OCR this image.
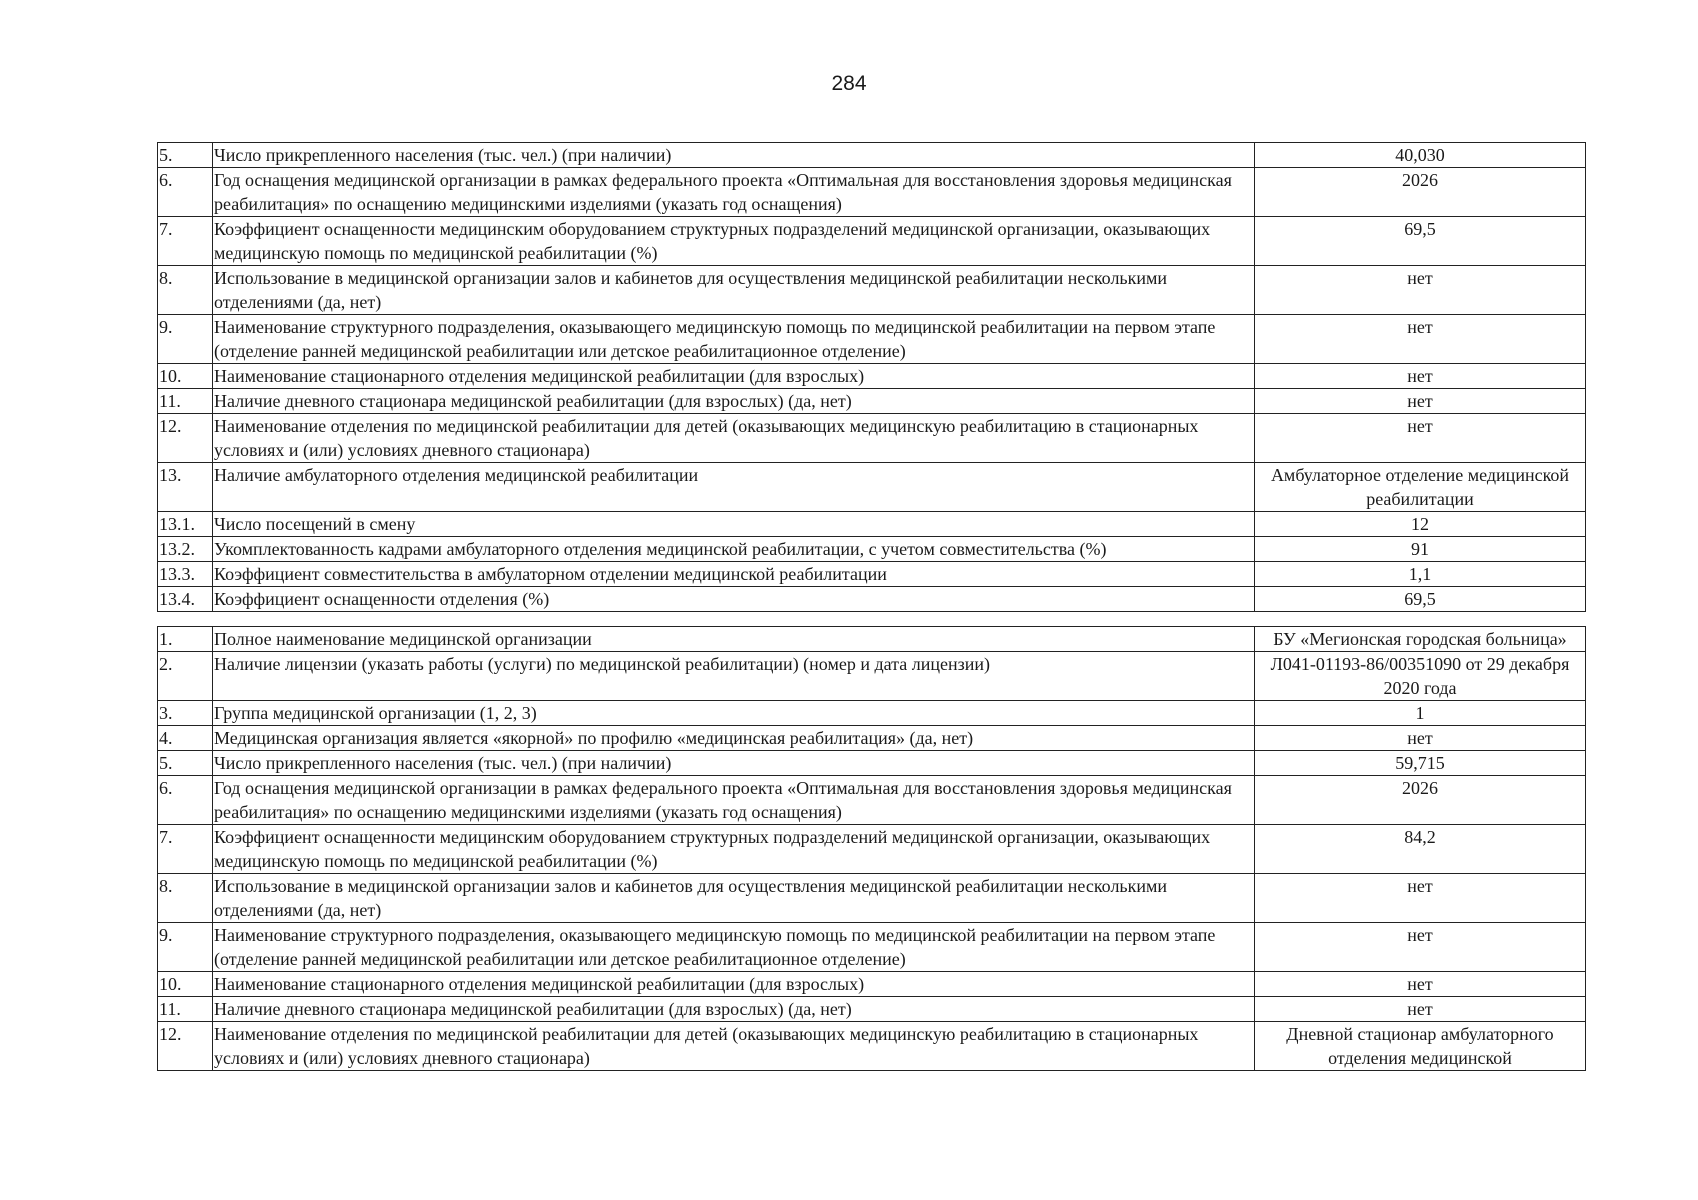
284
5.	Число прикрепленного населения (тыс. чел.) (при наличии)	40,030
6.	Год оснащения медицинской организации в рамках федерального проекта «Оптимальная для восстановления здоровья медицинская реабилитация» по оснащению медицинскими изделиями (указать год оснащения)	2026
7.	Коэффициент оснащенности медицинским оборудованием структурных подразделений медицинской организации, оказывающих медицинскую помощь по медицинской реабилитации (%)	69,5
8.	Использование в медицинской организации залов и кабинетов для осуществления медицинской реабилитации несколькими отделениями (да, нет)	нет
9.	Наименование структурного подразделения, оказывающего медицинскую помощь по медицинской реабилитации на первом этапе (отделение ранней медицинской реабилитации или детское реабилитационное отделение)	нет
10.	Наименование стационарного отделения медицинской реабилитации (для взрослых)	нет
11.	Наличие дневного стационара медицинской реабилитации (для взрослых) (да, нет)	нет
12.	Наименование отделения по медицинской реабилитации для детей (оказывающих медицинскую реабилитацию в стационарных условиях и (или) условиях дневного стационара)	нет
13.	Наличие амбулаторного отделения медицинской реабилитации	Амбулаторное отделение медицинской реабилитации
13.1.	Число посещений в смену	12
13.2.	Укомплектованность кадрами амбулаторного отделения медицинской реабилитации, с учетом совместительства (%)	91
13.3.	Коэффициент совместительства в амбулаторном отделении медицинской реабилитации	1,1
13.4.	Коэффициент оснащенности отделения (%)	69,5
1.	Полное наименование медицинской организации	БУ «Мегионская городская больница»
2.	Наличие лицензии (указать работы (услуги) по медицинской реабилитации) (номер и дата лицензии)	Л041-01193-86/00351090 от 29 декабря 2020 года
3.	Группа медицинской организации (1, 2, 3)	1
4.	Медицинская организация является «якорной» по профилю «медицинская реабилитация» (да, нет)	нет
5.	Число прикрепленного населения (тыс. чел.) (при наличии)	59,715
6.	Год оснащения медицинской организации в рамках федерального проекта «Оптимальная для восстановления здоровья медицинская реабилитация» по оснащению медицинскими изделиями (указать год оснащения)	2026
7.	Коэффициент оснащенности медицинским оборудованием структурных подразделений медицинской организации, оказывающих медицинскую помощь по медицинской реабилитации (%)	84,2
8.	Использование в медицинской организации залов и кабинетов для осуществления медицинской реабилитации несколькими отделениями (да, нет)	нет
9.	Наименование структурного подразделения, оказывающего медицинскую помощь по медицинской реабилитации на первом этапе (отделение ранней медицинской реабилитации или детское реабилитационное отделение)	нет
10.	Наименование стационарного отделения медицинской реабилитации (для взрослых)	нет
11.	Наличие дневного стационара медицинской реабилитации (для взрослых) (да, нет)	нет
12.	Наименование отделения по медицинской реабилитации для детей (оказывающих медицинскую реабилитацию в стационарных условиях и (или) условиях дневного стационара)	Дневной стационар амбулаторного отделения медицинской
